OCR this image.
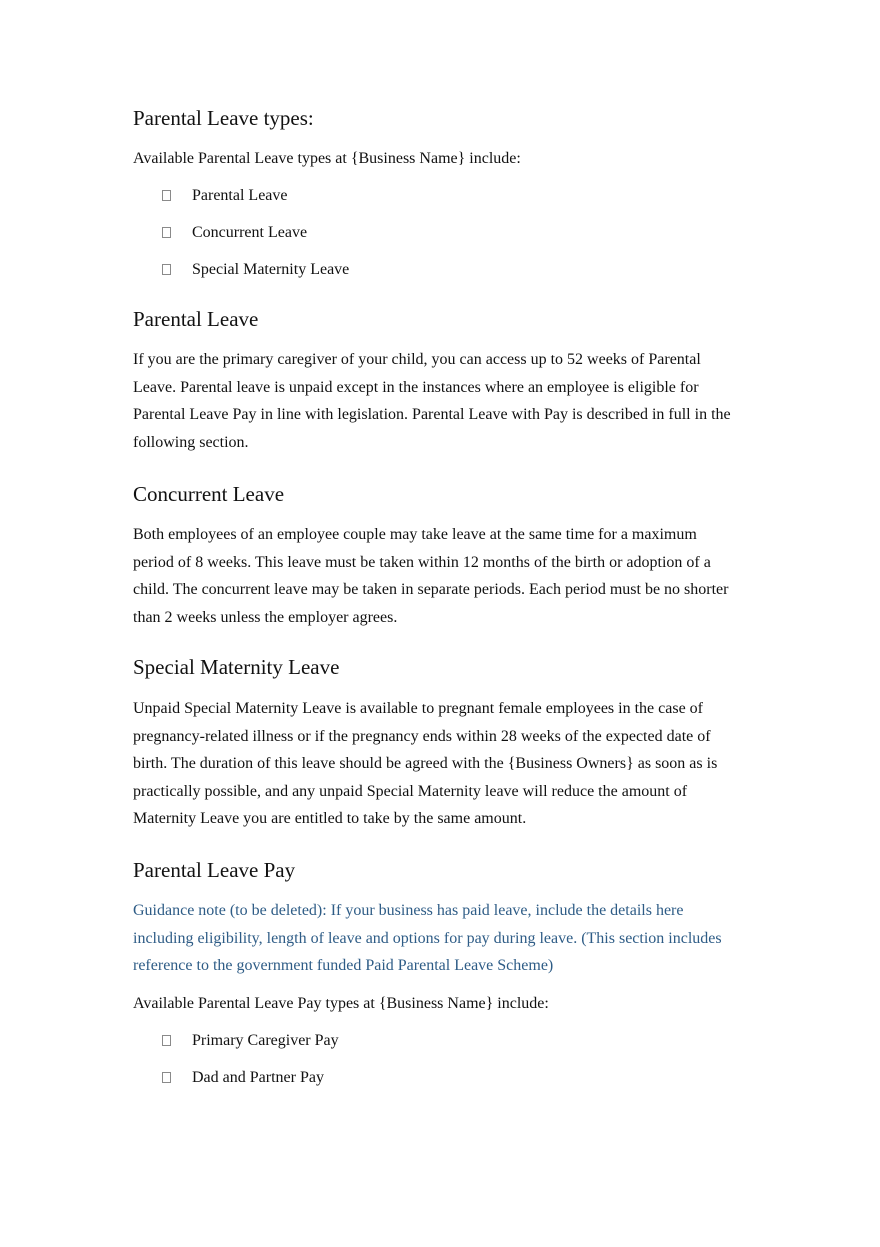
Parental Leave types:

Available Parental Leave types at {Business Name} include:

Parental Leave
Concurrent Leave
Special Maternity Leave
Parental Leave

If you are the primary caregiver of your child, you can access up to 52 weeks of Parental Leave. Parental leave is unpaid except in the instances where an employee is eligible for Parental Leave Pay in line with legislation. Parental Leave with Pay is described in full in the following section.

Concurrent Leave

Both employees of an employee couple may take leave at the same time for a maximum period of 8 weeks. This leave must be taken within 12 months of the birth or adoption of a child. The concurrent leave may be taken in separate periods. Each period must be no shorter than 2 weeks unless the employer agrees.

Special Maternity Leave

Unpaid Special Maternity Leave is available to pregnant female employees in the case of pregnancy-related illness or if the pregnancy ends within 28 weeks of the expected date of birth. The duration of this leave should be agreed with the {Business Owners} as soon as is practically possible, and any unpaid Special Maternity leave will reduce the amount of Maternity Leave you are entitled to take by the same amount.

Parental Leave Pay

Guidance note (to be deleted): If your business has paid leave, include the details here including eligibility, length of leave and options for pay during leave. (This section includes reference to the government funded Paid Parental Leave Scheme)

Available Parental Leave Pay types at {Business Name} include:

Primary Caregiver Pay
Dad and Partner Pay
